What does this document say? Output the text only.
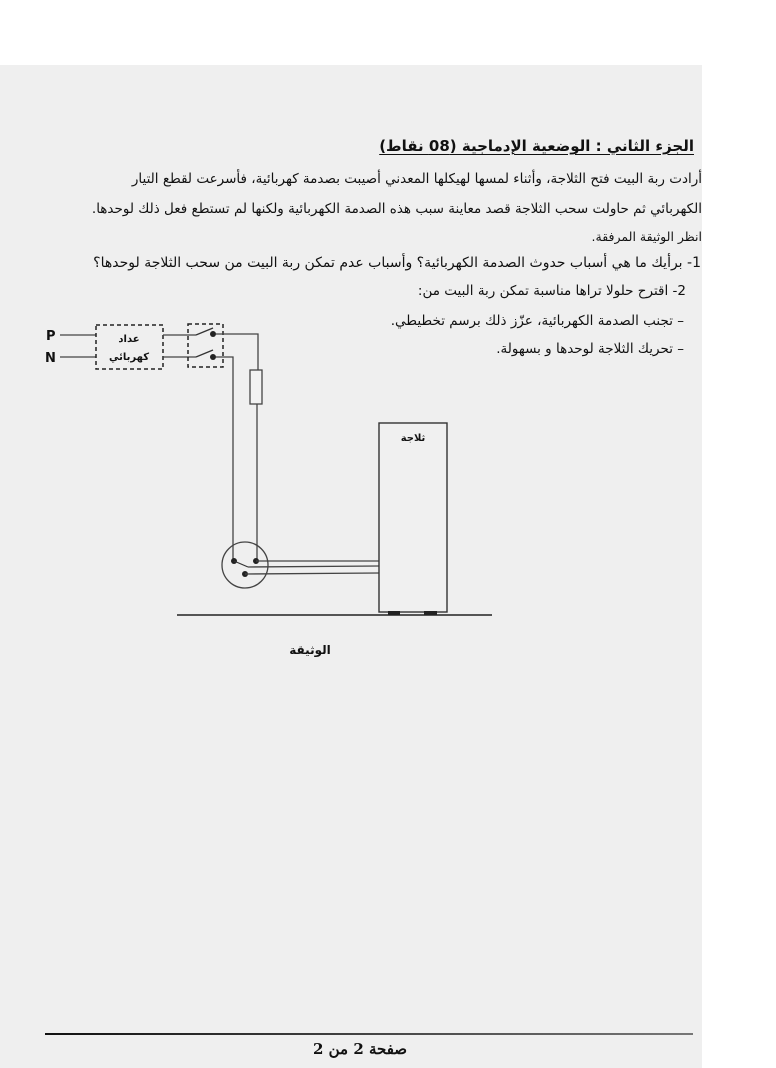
الجزء الثاني : الوضعية الإدماجية (08 نقاط)
أرادت ربة البيت فتح الثلاجة، وأثناء لمسها لهيكلها المعدني أصيبت بصدمة كهربائية، فأسرعت لقطع التيار
الكهربائي ثم حاولت سحب الثلاجة قصد معاينة سبب هذه الصدمة الكهربائية ولكنها لم تستطع فعل ذلك لوحدها.
انظر الوثيقة المرفقة.
1- برأيك ما هي أسباب حدوث الصدمة الكهربائية؟ وأسباب عدم تمكن ربة البيت من سحب الثلاجة لوحدها؟
2- اقترح حلولا تراها مناسبة تمكن ربة البيت من:
– تجنب الصدمة الكهربائية، عزّز ذلك برسم تخطيطي.
– تحريك الثلاجة لوحدها و بسهولة.
P
N
عداد
كهربائي
ثلاجة
الوثيقة
صفحة 2 من 2
